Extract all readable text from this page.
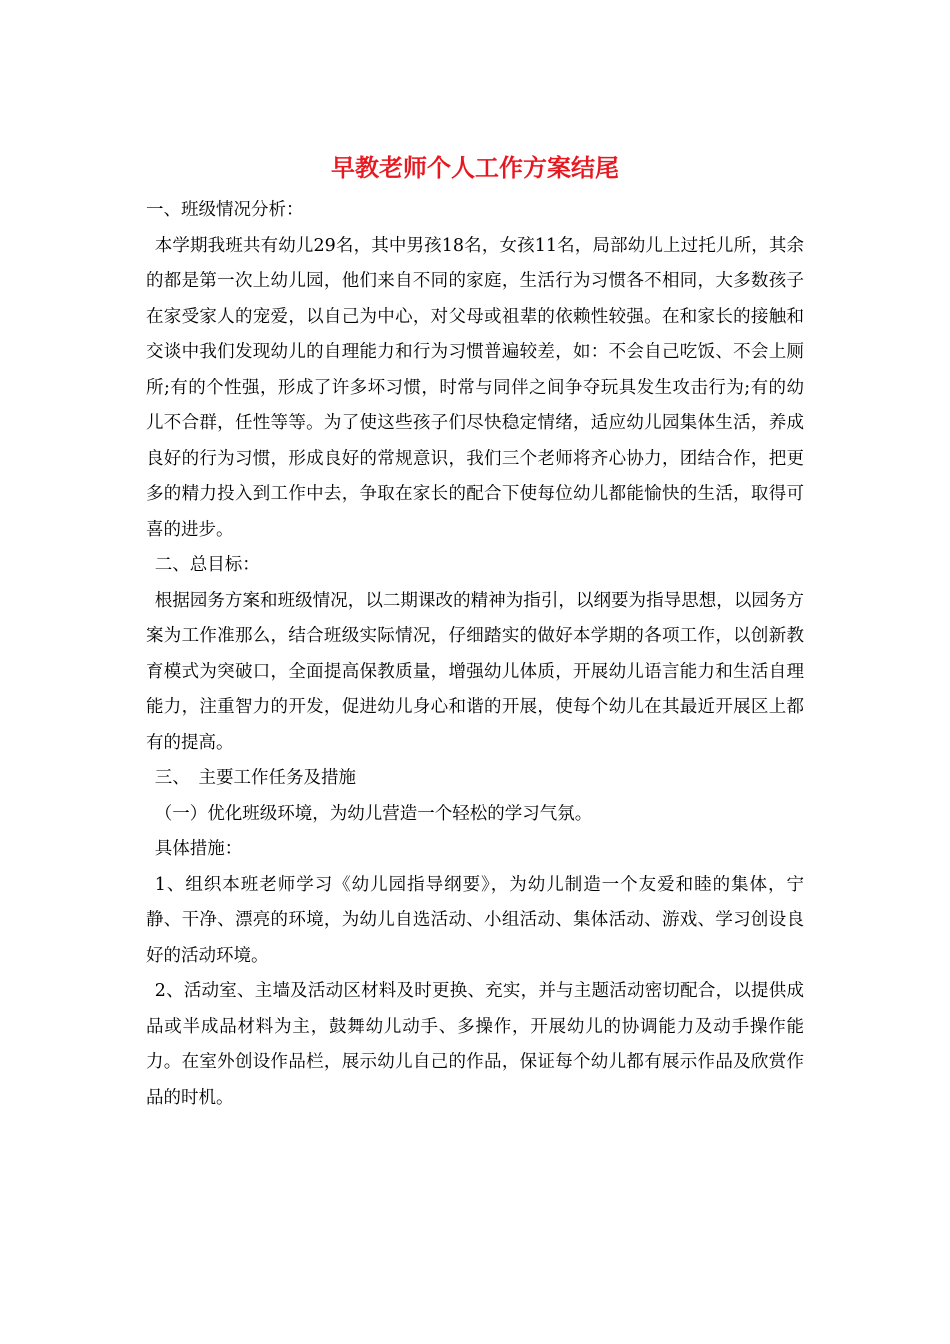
早教老师个人工作方案结尾

一、班级情况分析：

本学期我班共有幼儿29名，其中男孩18名，女孩11名，局部幼儿上过托儿所，其余的都是第一次上幼儿园，他们来自不同的家庭，生活行为习惯各不相同，大多数孩子在家受家人的宠爱，以自己为中心，对父母或祖辈的依赖性较强。在和家长的接触和交谈中我们发现幼儿的自理能力和行为习惯普遍较差，如：不会自己吃饭、不会上厕所;有的个性强，形成了许多坏习惯，时常与同伴之间争夺玩具发生攻击行为;有的幼儿不合群，任性等等。为了使这些孩子们尽快稳定情绪，适应幼儿园集体生活，养成良好的行为习惯，形成良好的常规意识，我们三个老师将齐心协力，团结合作，把更多的精力投入到工作中去，争取在家长的配合下使每位幼儿都能愉快的生活，取得可喜的进步。

二、总目标：

根据园务方案和班级情况，以二期课改的精神为指引，以纲要为指导思想，以园务方案为工作准那么，结合班级实际情况，仔细踏实的做好本学期的各项工作，以创新教育模式为突破口，全面提高保教质量，增强幼儿体质，开展幼儿语言能力和生活自理能力，注重智力的开发，促进幼儿身心和谐的开展，使每个幼儿在其最近开展区上都有的提高。

三、　主要工作任务及措施

（一）优化班级环境，为幼儿营造一个轻松的学习气氛。

具体措施：

1、组织本班老师学习《幼儿园指导纲要》，为幼儿制造一个友爱和睦的集体，宁静、干净、漂亮的环境，为幼儿自选活动、小组活动、集体活动、游戏、学习创设良好的活动环境。

2、活动室、主墙及活动区材料及时更换、充实，并与主题活动密切配合，以提供成品或半成品材料为主，鼓舞幼儿动手、多操作，开展幼儿的协调能力及动手操作能力。在室外创设作品栏，展示幼儿自己的作品，保证每个幼儿都有展示作品及欣赏作品的时机。
